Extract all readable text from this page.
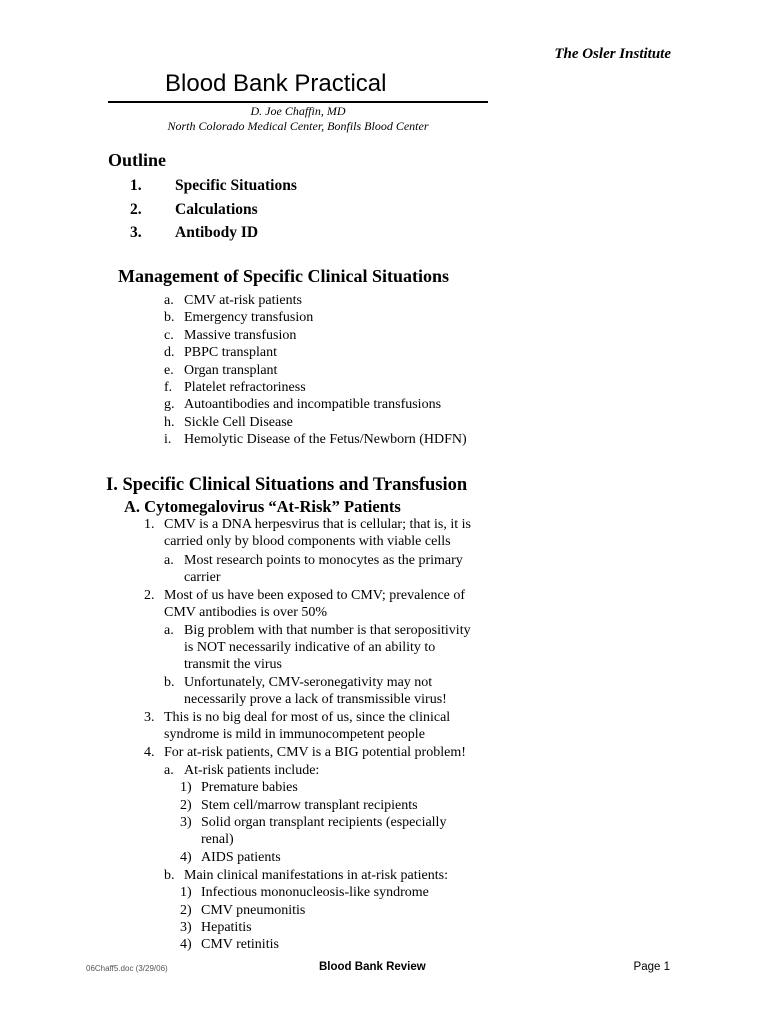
The Osler Institute
Blood Bank Practical
D. Joe Chaffin, MD
North Colorado Medical Center, Bonfils Blood Center
Outline
1. Specific Situations
2. Calculations
3. Antibody ID
Management of Specific Clinical Situations
a. CMV at-risk patients
b. Emergency transfusion
c. Massive transfusion
d. PBPC transplant
e. Organ transplant
f. Platelet refractoriness
g. Autoantibodies and incompatible transfusions
h. Sickle Cell Disease
i. Hemolytic Disease of the Fetus/Newborn (HDFN)
I. Specific Clinical Situations and Transfusion
A. Cytomegalovirus “At-Risk” Patients
1. CMV is a DNA herpesvirus that is cellular; that is, it is
carried only by blood components with viable cells
a. Most research points to monocytes as the primary
carrier
2. Most of us have been exposed to CMV; prevalence of
CMV antibodies is over 50%
a. Big problem with that number is that seropositivity
is NOT necessarily indicative of an ability to
transmit the virus
b. Unfortunately, CMV-seronegativity may not
necessarily prove a lack of transmissible virus!
3. This is no big deal for most of us, since the clinical
syndrome is mild in immunocompetent people
4. For at-risk patients, CMV is a BIG potential problem!
a. At-risk patients include:
1) Premature babies
2) Stem cell/marrow transplant recipients
3) Solid organ transplant recipients (especially
renal)
4) AIDS patients
b. Main clinical manifestations in at-risk patients:
1) Infectious mononucleosis-like syndrome
2) CMV pneumonitis
3) Hepatitis
4) CMV retinitis
06Chaff5.doc (3/29/06)	Blood Bank Review	Page 1
